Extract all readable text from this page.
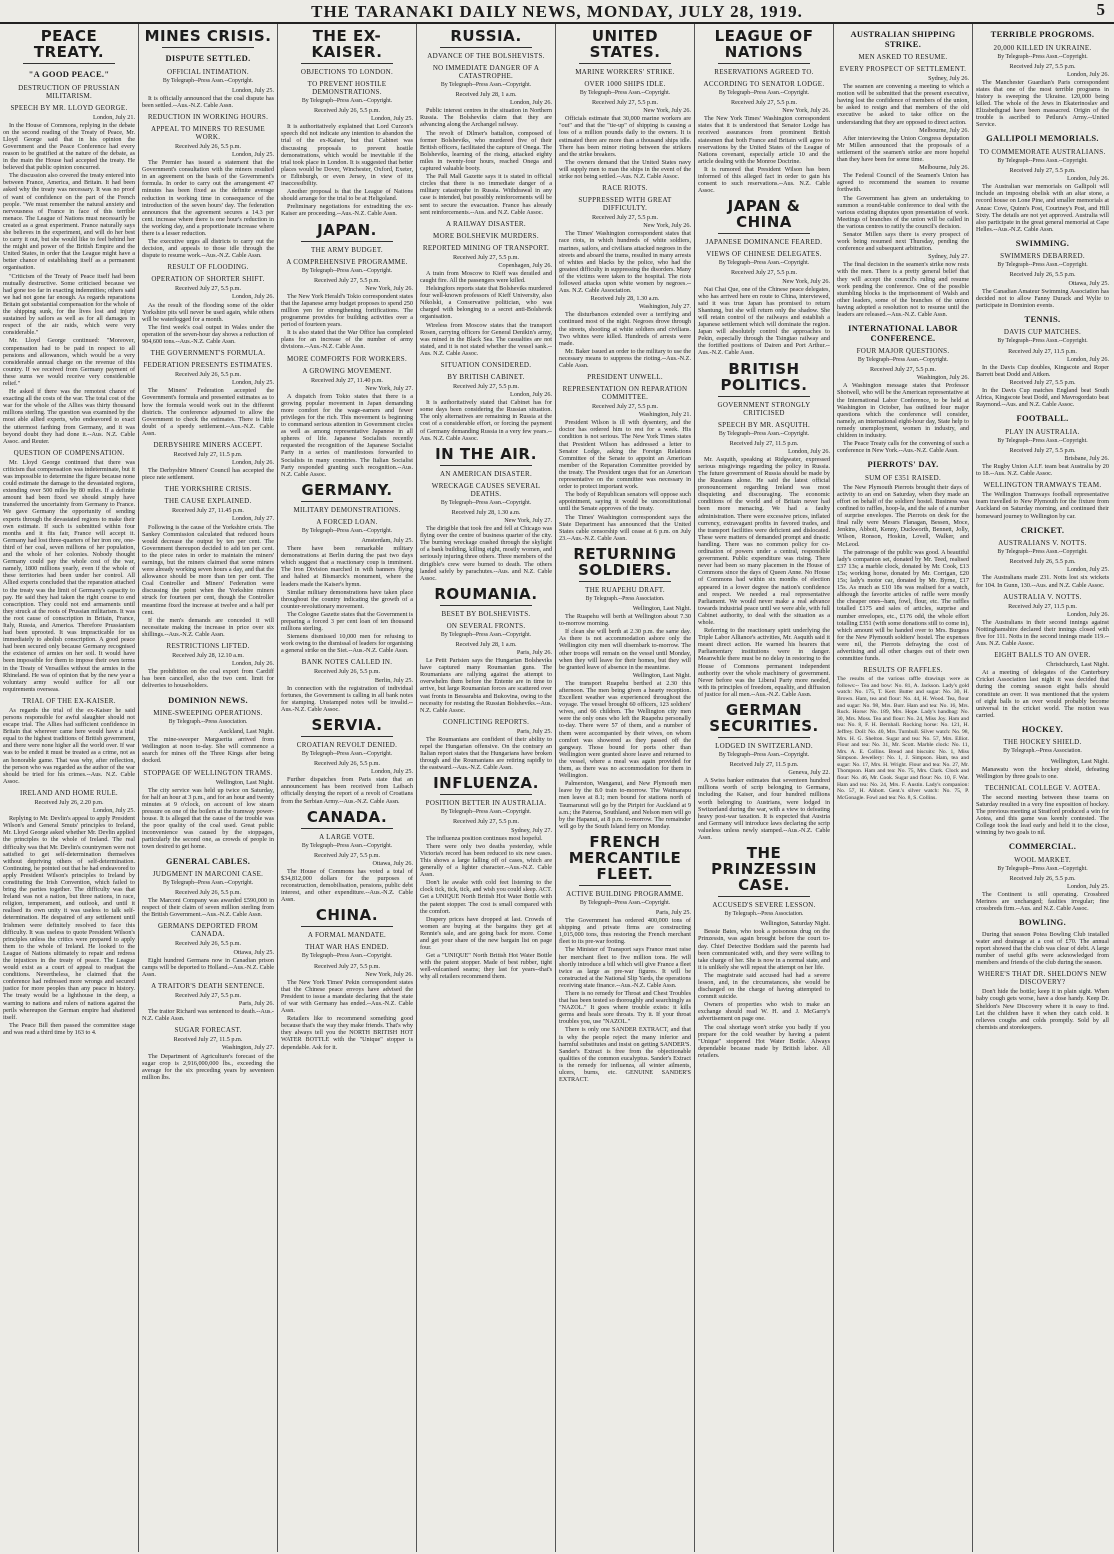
THE TARANAKI DAILY NEWS, MONDAY, JULY 28, 1919.	5
PEACE TREATY.
"A GOOD PEACE."
DESTRUCTION OF PRUSSIAN MILITARISM.
SPEECH BY MR. LLOYD GEORGE.
London, July 21.

In the House of Commons, replying in the debate on the second reading of the Treaty of Peace, Mr. Lloyd George said that in his opinion the Government and the Peace Conference had every reason to be gratified at the nature of the debate, as in the main the House had accepted the treaty. He believed that public opinion concurred.

The discussion also covered the treaty entered into between France, America, and Britain. It had been asked why the treaty was necessary. It was no proof of want of confidence on the part of the French people. "We must remember the natural anxiety and nervousness of France in face of this terrible menace. The League of Nations must necessarily be created as a great experiment. France naturally says she believes in the experiment, and will do her best to carry it out, but she would like to feel behind her the might and power of the British Empire and the United States, in order that the League might have a better chance of establishing itself as a permanent organisation.

"Criticism of the Treaty of Peace itself had been mutually destructive. Some criticised because we had gone too far in exacting indemnities; others said we had not gone far enough. As regards reparations Britain got substantial compensation for the whole of the shipping sunk, for the lives lost and injury sustained by sailors as well as for all damages in respect of the air raids, which were very considerable."

Mr. Lloyd George continued: "Moreover, compensation had to be paid in respect to all pensions and allowances, which would be a very considerable annual charge on the revenue of this country. If we received from Germany payment of these sums we would receive very considerable relief."

He asked if there was the remotest chance of exacting all the costs of the war. The total cost of the war for the whole of the Allies was thirty thousand millions sterling. The question was examined by the most able allied experts, who endeavored to exact the uttermost farthing from Germany, and it was beyond doubt they had done it.--Aus. N.Z. Cable Assoc. and Reuter.

QUESTION OF COMPENSATION.

Mr. Lloyd George continued that there was criticism that compensation was indeterminate, but it was impossible to determine the figure because none could estimate the damage to the devastated regions, extending over 500 miles by 80 miles. If a definite amount had been fixed we should simply have transferred the uncertainty from Germany to France. We gave Germany the opportunity of sending experts through the devastated regions to make their own estimate. If such is submitted within four months and it fits fair, France will accept it. Germany had lost three-quarters of her iron ore, one-third of her coal, seven millions of her population, and the whole of her colonies. Nobody thought Germany could pay the whole cost of the war, namely, 1800 millions yearly, even if the whole of these territories had been under her control. All Allied experts concluded that the reparation attached to the treaty was the limit of Germany's capacity to pay. He said they had taken the right course to end conscription. They could not end armaments until they struck at the roots of Prussian militarism. It was the root cause of conscription in Britain, France, Italy, Russia, and America. Therefore Prussianism had been uprooted. It was impracticable for us immediately to abolish conscription. A good peace had been secured only because Germany recognised the existence of armies on her soil. It would have been impossible for them to impose their own terms in the Treaty of Versailles without the armies in the Rhineland. He was of opinion that by the new year a voluntary army would suffice for all our requirements overseas.

TRIAL OF THE EX-KAISER.

As regards the trial of the ex-Kaiser he said persons responsible for awful slaughter should not escape trial. The Allies had sufficient confidence in Britain that wherever came here would have a trial equal to the highest traditions of British government, and there were none higher all the world over. If war was to be ended it must be treated as a crime, not as an honorable game. That was why, after reflection, the person who was regarded as the author of the war should be tried for his crimes.--Aus. N.Z. Cable Assoc.

IRELAND AND HOME RULE.
Received July 26, 2.20 p.m.
London, July 25.

Replying to Mr. Devlin's appeal to apply President Wilson's and General Smuts' principles to Ireland, Mr. Lloyd George asked whether Mr. Devlin applied the principles to the whole of Ireland. The real difficulty was that Mr. Devlin's countrymen were not satisfied to get self-determination themselves without depriving others of self-determination. Continuing, he pointed out that he had endeavored to apply President Wilson's principles to Ireland by constituting the Irish Convention, which failed to bring the parties together. The difficulty was that Ireland was not a nation, but three nations, in race, religion, temperament, and outlook, and until it realised its own unity it was useless to talk self-determination. He despaired of any settlement until Irishmen were definitely resolved to face this difficulty. It was useless to quote President Wilson's principles unless the critics were prepared to apply them to the whole of Ireland. He looked to the League of Nations ultimately to repair and redress the injustices in the treaty of peace. The League would exist as a court of appeal to readjust the conditions. Nevertheless, he claimed that the conference had redressed more wrongs and secured justice for more peoples than any peace in history. The treaty would be a lighthouse in the deep, a warning to nations and rulers of nations against the perils whereupon the German empire had shattered itself.

The Peace Bill then passed the committee stage and was read a third time by 163 to 4.

MINES CRISIS.
DISPUTE SETTLED.
OFFICIAL INTIMATION.
By Telegraph--Press Assn.--Copyright.
London, July 25.

It is officially announced that the coal dispute has been settled.--Aus.-N.Z. Cable Assn.

REDUCTION IN WORKING HOURS.
APPEAL TO MINERS TO RESUME WORK.
Received July 26, 5.5 p.m.
London, July 25.

The Premier has issued a statement that the Government's consultation with the miners resulted in an agreement on the basis of the Government's formula. In order to carry out the arrangement 47 minutes has been fixed as the definite average reduction in working time in consequence of the introduction of the seven hours' day. The federation announces that the agreement secures a 14.3 per cent. increase where there is one hour's reduction in the working day, and a proportionate increase where there is a lesser reduction.

The executive urges all districts to carry out the decision, and appeals to those idle through the dispute to resume work.--Aus.-N.Z. Cable Assn.

RESULT OF FLOODING.
OPERATION OF SHORTER SHIFT.
Received July 27, 5.5 p.m.
London, July 26.

As the result of the flooding some of the older Yorkshire pits will never be used again, while others will be waterlogged for a month.

The first week's coal output in Wales under the operation of the seven-hour day shows a reduction of 904,600 tons.--Aus.-N.Z. Cable Assn.

THE GOVERNMENT'S FORMULA.
FEDERATION PRESENTS ESTIMATES.
Received July 26, 5.5 p.m.
London, July 25.

The Miners' Federation accepted the Government's formula and presented estimates as to how the formula would work out in the different districts. The conference adjourned to allow the Government to check the estimates. There is little doubt of a speedy settlement.--Aus.-N.Z. Cable Assn.

DERBYSHIRE MINERS ACCEPT.
Received July 27, 11.5 p.m.
London, July 26.

The Derbyshire Miners' Council has accepted the piece rate settlement.

THE YORKSHIRE CRISIS.
THE CAUSE EXPLAINED.
Received July 27, 11.45 p.m.
London, July 27.

Following is the cause of the Yorkshire crisis. The Sankey Commission calculated that reduced hours would decrease the output by ten per cent. The Government thereupon decided to add ten per cent. to the piece rates in order to maintain the miners' earnings, but the miners claimed that some miners were already working seven hours a day, and that the allowance should be more than ten per cent. The Coal Controller and Miners' Federation were discussing the point when the Yorkshire miners struck for fourteen per cent, though the Controller meantime fixed the increase at twelve and a half per cent.

If the men's demands are conceded it will necessitate making the increase in price over six shillings.--Aus.-N.Z. Cable Assn.

RESTRICTIONS LIFTED.
Received July 28, 12.10 a.m.
London, July 26.

The prohibition on the coal export from Cardiff has been cancelled, also the two cent. limit for deliveries to householders.

DOMINION NEWS.
MINE-SWEEPING OPERATIONS.
By Telegraph.--Press Association.
Auckland, Last Night.

The mine-sweeper Marguerita arrived from Wellington at noon to-day. She will commence a search for mines off the Three Kings after being docked.

STOPPAGE OF WELLINGTON TRAMS.
Wellington, Last Night.

The city service was held up twice on Saturday, for half an hour at 3 p.m., and for an hour and twenty minutes at 9 o'clock, on account of low steam pressure on one of the boilers at the tramway power-house. It is alleged that the cause of the trouble was the poor quality of the coal used. Great public inconvenience was caused by the stoppages, particularly the second one, as crowds of people in town desired to get home.

GENERAL CABLES.
JUDGMENT IN MARCONI CASE.
By Telegraph--Press Assn.--Copyright.
Received July 26, 5.5 p.m.

The Marconi Company was awarded £590,000 in respect of their claim of seven million sterling from the British Government.--Aus.-N.Z. Cable Assn.

GERMANS DEPORTED FROM CANADA.
Received July 26, 5.5 p.m.
Ottawa, July 25.

Eight hundred Germans now in Canadian prison camps will be deported to Holland.--Aus.-N.Z. Cable Assn.

A TRAITOR'S DEATH SENTENCE.
Received July 27, 5.5 p.m.
Paris, July 26.

The traitor Richard was sentenced to death.--Aus.-N.Z. Cable Assn.

SUGAR FORECAST.
Received July 27, 11.5 p.m.
Washington, July 27.

The Department of Agriculture's forecast of the sugar crop is 2,916,000,000 lbs., exceeding the average for the six preceding years by seventeen million lbs.

THE EX-KAISER.
OBJECTIONS TO LONDON.
TO PREVENT HOSTILE DEMONSTRATIONS.
By Telegraph--Press Assn.--Copyright.
Received July 26, 5.5 p.m.
London, July 25.

It is authoritatively explained that Lord Curzon's speech did not indicate any intention to abandon the trial of the ex-Kaiser, but that Cabinet was discussing proposals to prevent hostile demonstrations, which would be inevitable if the trial took place in London. It is suggested that better places would be Dover, Winchester, Oxford, Exeter, or Edinburgh, or even Jersey, in view of its inaccessibility.

Another proposal is that the League of Nations should arrange for the trial to be at Heligoland.

Preliminary negotiations for extraditing the ex-Kaiser are proceeding.--Aus.-N.Z. Cable Assn.

JAPAN.
THE ARMY BUDGET.
A COMPREHENSIVE PROGRAMME.
By Telegraph--Press Assn.--Copyright.
Received July 27, 5.5 p.m.
New York, July 26.

The New York Herald's Tokio correspondent states that the Japanese army budget proposes to spend 250 million yen for strengthening fortifications. The programme provides for building activities over a period of fourteen years.

It is also stated that the War Office has completed plans for an increase of the number of army divisions.--Aus.-N.Z. Cable Assn.

MORE COMFORTS FOR WORKERS.
A GROWING MOVEMENT.
Received July 27, 11.40 p.m.
New York, July 27.

A dispatch from Tokio states that there is a growing popular movement in Japan demanding more comfort for the wage-earners and fewer privileges for the rich. This movement is beginning to command serious attention in Government circles as well as among representative Japanese in all spheres of life. Japanese Socialists recently requested the recognition of the Japanese Socialist Party in a series of manifestoes forwarded to Socialists in many countries. The Italian Socialist Party responded granting such recognition.--Aus. N.Z. Cable Assoc.

GERMANY.
MILITARY DEMONSTRATIONS.
A FORCED LOAN.
By Telegraph--Press Assn.--Copyright.
Amsterdam, July 25.

There have been remarkable military demonstrations at Berlin during the past two days which suggest that a reactionary coup is imminent. The Iron Division marched in with banners flying and halted at Bismarck's monument, where the leaders made the Kaiser's hymn.

Similar military demonstrations have taken place throughout the country indicating the growth of a counter-revolutionary movement.

The Cologne Gazette states that the Government is preparing a forced 3 per cent loan of ten thousand millions sterling.

Siemens dismissed 10,000 men for refusing to work owing to the dismissal of leaders for organising a general strike on the Siet.--Aus.-N.Z. Cable Assn.

BANK NOTES CALLED IN.
Received July 26, 5.5 p.m.
Berlin, July 25.

In connection with the registration of individual fortunes, the Government is calling in all bank notes for stamping. Unstamped notes will be invalid.--Aus.-N.Z. Cable Assoc.

SERVIA.
CROATIAN REVOLT DENIED.
By Telegraph--Press Assn.--Copyright.
Received July 26, 5.5 p.m.
London, July 25.

Further dispatches from Paris state that an announcement has been received from Laibach officially denying the report of a revolt of Croatians from the Serbian Army.--Aus.-N.Z. Cable Assn.

CANADA.
A LARGE VOTE.
By Telegraph--Press Assn.--Copyright.
Received July 27, 5.5 p.m.
Ottawa, July 26.

The House of Commons has voted a total of $34,812,000 dollars for the purposes of reconstruction, demobilisation, pensions, public debt interest, and other expenditure.--Aus.-N.Z. Cable Assn.

CHINA.
A FORMAL MANDATE.
THAT WAR HAS ENDED.
By Telegraph--Press Assn.--Copyright.
Received July 27, 5.5 p.m.
New York, July 26.

The New York Times' Pekin correspondent states that the Chinese peace envoys have advised the President to issue a mandate declaring that the state of war with Germany has ended.--Aus.-N.Z. Cable Assn.

Retailers like to recommend something good because that's the way they make friends. That's why they always tell you the NORTH BRITISH HOT WATER BOTTLE with the "Unique" stopper is dependable. Ask for it.

RUSSIA.
ADVANCE OF THE BOLSHEVISTS.
NO IMMEDIATE DANGER OF A CATASTROPHE.
By Telegraph--Press Assn.--Copyright.
Received July 28, 1 a.m.
London, July 26.

Public interest centres in the situation in Northern Russia. The Bolsheviks claim that they are advancing along the Archangel railway.

The revolt of Dilmer's battalion, composed of former Bolsheviks, who murdered five of their British officers, facilitated the capture of Onega. The Bolsheviks, learning of the rising, attacked eighty miles in twenty-four hours, reached Onega and captured valuable booty.

The Pall Mall Gazette says it is stated in official circles that there is no immediate danger of a military catastrophe in Russia. Withdrawal in any case is intended, but possibly reinforcements will be sent to secure the evacuation. France has already sent reinforcements.--Aus. and N.Z. Cable Assoc.

A RAILWAY DISASTER.
MORE BOLSHEVIK MURDERS.
REPORTED MINING OF TRANSPORT.
Received July 27, 5.5 p.m.
Copenhagen, July 26.

A train from Moscow to Kieff was derailed and caught fire. All the passengers were killed.

Helsingfors reports state that Bolsheviks murdered four well-known professors of Kieff University, also Nikolski, a Conservative politician, who was charged with belonging to a secret anti-Bolshevik organisation.

Wireless from Moscow states that the transport Rosen, carrying officers for General Denikin's army, was mined in the Black Sea. The casualties are not stated, and it is not stated whether the vessel sank.--Aus. N.Z. Cable Assoc.

SITUATION CONSIDERED.
BY BRITISH CABINET.
Received July 27, 5.5 p.m.
London, July 26.

It is authoritatively stated that Cabinet has for some days been considering the Russian situation. The only alternatives are remaining in Russia at the cost of a considerable effort, or forcing the payment of Germany demanding Russia in a very few years.--Aus. N.Z. Cable Assoc.

IN THE AIR.
AN AMERICAN DISASTER.
WRECKAGE CAUSES SEVERAL DEATHS.
By Telegraph--Press Assn.--Copyright.
Received July 28, 1.30 a.m.
New York, July 27.

The dirigible that took fire and fell at Chicago was flying over the centre of business quarter of the city. The burning wreckage crashed through the skylight of a bank building, killing eight, mostly women, and seriously injuring three others. Three members of the dirigible's crew were burned to death. The others landed safely by parachutes.--Aus. and N.Z. Cable Assoc.

ROUMANIA.
BESET BY BOLSHEVISTS.
ON SEVERAL FRONTS.
By Telegraph--Press Assn.--Copyright.
Received July 28, 1 a.m.
Paris, July 26.

Le Petit Parisien says the Hungarian Bolsheviks have captured many Roumanian guns. The Roumanians are rallying against the attempt to overwhelm them before the Entente are in time to arrive, but large Roumanian forces are scattered over vast fronts in Bessarabia and Bukovina, owing to the necessity for resisting the Russian Bolsheviks.--Aus. N.Z. Cable Assoc.

CONFLICTING REPORTS.
Paris, July 25.

The Roumanians are confident of their ability to repel the Hungarian offensive. On the contrary an Italian report states that the Hungarians have broken through and the Roumanians are retiring rapidly to the eastward.--Aus.-N.Z. Cable Assn.

INFLUENZA.
POSITION BETTER IN AUSTRALIA.
By Telegraph--Press Assn.--Copyright.
Received July 27, 5.5 p.m.
Sydney, July 27.

The influenza position continues most hopeful.

There were only two deaths yesterday, while Victoria's record has been reduced to six new cases. This shows a large falling off of cases, which are generally of a lighter character.--Aus.-N.Z. Cable Assn.

Don't lie awake with cold feet listening to the clock tick, tick, tick, and wish you could sleep. ACT. Get a UNIQUE North British Hot Water Bottle with the patent stopper. The cost is small compared with the comfort.

Drapery prices have dropped at last. Crowds of women are buying at the bargains they get at Rennie's sale, and are going back for more. Come and get your share of the new bargain list on page four.

Get a "UNIQUE" North British Hot Water Bottle with the patent stopper. Made of best rubber, tight well-vulcanised seams; they last for years--that's why all retailers recommend them.

UNITED STATES.
MARINE WORKERS' STRIKE.
OVER 1000 SHIPS IDLE.
By Telegraph--Press Assn.--Copyright.
Received July 27, 5.5 p.m.
New York, July 26.

Officials estimate that 30,000 marine workers are "out" and that the "tie-up" of shipping is causing a loss of a million pounds daily to the owners. It is estimated there are more than a thousand ships idle. There has been minor rioting between the strikers and the strike breakers.

The owners demand that the United States navy will supply men to man the ships in the event of the strike not being settled.--Aus. N.Z. Cable Assoc.

RACE RIOTS.
SUPPRESSED WITH GREAT DIFFICULTY.
Received July 27, 5.5 p.m.
New York, July 26.

The Times' Washington correspondent states that race riots, in which hundreds of white soldiers, marines, sailors, and civilians attacked negroes in the streets and aboard the trams, resulted in many arrests of whites and blacks by the police, who had the greatest difficulty in suppressing the disorders. Many of the victims were taken to the hospital. The riots followed attacks upon white women by negroes.--Aus. N.Z. Cable Association.

Received July 28, 1.30 a.m.
Washington, July 27.

The disturbances extended over a terrifying and continued most of the night. Negroes drove through the streets, shooting at white soldiers and civilians. Two whites were killed. Hundreds of arrests were made.

Mr. Baker issued an order to the military to use the necessary means to suppress the rioting.--Aus.-N.Z. Cable Assn.

PRESIDENT UNWELL.
REPRESENTATION ON REPARATION COMMITTEE.
Received July 27, 5.5 p.m.
Washington, July 21.

President Wilson is ill with dysentery, and the doctor has ordered him to rest for a week. His condition is not serious. The New York Times states that President Wilson has addressed a letter to Senator Lodge, asking the Foreign Relations Committee of the Senate to appoint an American member of the Reparation Committee provided by the treaty. The President urges that for an American representative on the committee was necessary in order to protect important work.

The body of Republican senators will oppose such appointment, saying it would be unconstitutional until the Senate approves of the treaty.

The Times' Washington correspondent says the State Department has announced that the United States cable censorship will cease at 6 p.m. on July 23.--Aus.-N.Z. Cable Assn.

RETURNING SOLDIERS.
THE RUAPEHU DRAFT.
By Telegraph.--Press Association.
Wellington, Last Night.

The Ruapehu will berth at Wellington about 7.30 to-morrow morning.

If clean she will berth at 2.30 p.m. the same day. As there is not accommodation ashore only the Wellington city men will disembark to-morrow. The other troops will remain on the vessel until Monday, when they will leave for their homes, but they will be granted leave of absence in the meantime.

Wellington, Last Night.

The transport Ruapehu berthed at 2.30 this afternoon. The men being given a hearty reception. Excellent weather was experienced throughout the voyage. The vessel brought 60 officers, 123 soldiers' wives, and 66 children. The Wellington city men were the only ones who left the Ruapehu personally to-day. There were 57 of them, and a number of them were accompanied by their wives, on whom comfort was showered as they passed off the gangway. Those bound for ports other than Wellington were granted shore leave and returned to the vessel, where a meal was again provided for them, as there was no accommodation for them in Wellington.

Palmerston, Wanganui, and New Plymouth men leave by the 8.0 train to-morrow. The Waimarapu men leave at 8.1; men bound for stations north of Taumarunui will go by the Piripiri for Auckland at 9 a.m.; the Pateroa, Southland, and Nelson men will go by the Hapanui, at 8 p.m. to-morrow. The remainder will go by the South Island ferry on Monday.

FRENCH MERCANTILE FLEET.
ACTIVE BUILDING PROGRAMME.
By Telegraph--Press Assn.--Copyright.
Paris, July 25.

The Government has ordered 400,000 tons of shipping and private firms are constructing 1,015,000 tons, thus restoring the French merchant fleet to its pre-war footing.

The Minister of Transport says France must raise her merchant fleet to five million tons. He will shortly introduce a bill which will give France a fleet twice as large as pre-war figures. It will be constructed at the National Slip Yards, the operations receiving state finance.--Aus.-N.Z. Cable Assn.

There is no remedy for Throat and Chest Troubles that has been tested so thoroughly and searchingly as "NAZOL." It goes where trouble exists: it kills germs and heals sore throats. Try it. If your throat troubles you, use "NAZOL."

There is only one SANDER EXTRACT, and that is why the people reject the many inferior and harmful substitutes and insist on getting SANDER'S. Sander's Extract is free from the objectionable qualities of the common eucalyptus. Sander's Extract is the remedy for influenza, all winter ailments, ulcers, burns, etc. GENUINE SANDER'S EXTRACT.

LEAGUE OF NATIONS
RESERVATIONS AGREED TO.
ACCORDING TO SENATOR LODGE.
By Telegraph--Press Assn.--Copyright.
Received July 27, 5.5 p.m.
New York, July 26.

The New York Times' Washington correspondent states that it is understood that Senator Lodge has received assurances from prominent British statesmen that both France and Britain will agree to reservations by the United States of the League of Nations covenant, especially article 10 and the article dealing with the Monroe Doctrine.

It is rumored that President Wilson has been informed of this alleged fact in order to gain his consent to such reservations.--Aus. N.Z. Cable Assoc.

JAPAN & CHINA
JAPANESE DOMINANCE FEARED.
VIEWS OF CHINESE DELEGATES.
By Telegraph--Press Assn.--Copyright.
Received July 27, 5.5 p.m.
New York, July 26.

Nai Chai Que, one of the Chinese peace delegates, who has arrived here en route to China, interviewed, said it was true Japan has promised to return Shantung, but she will return only the shadow. She will retain control of the railways and establish a Japanese settlement which will dominate the region. Japan will absolutely control the approaches to Pekin, especially through the Tsingtao railway and the fortified positions of Dairen and Port Arthur.--Aus.-N.Z. Cable Assn.

BRITISH POLITICS.
GOVERNMENT STRONGLY CRITICISED
SPEECH BY MR. ASQUITH.
By Telegraph--Press Assn.--Copyright.
Received July 27, 11.5 p.m.
London, July 26.

Mr. Asquith, speaking at Ridgwater, expressed serious misgivings regarding the policy in Russia. The future government of Russia should be made by the Russians alone. He said the latest official pronouncement regarding Ireland was most disquieting and discouraging. The economic conditions of the world and of Britain never had been more menacing. We had a faulty administration. There were excessive prices, inflated currency, extravagant profits in favored trades, and the transport facilities were deficient and dislocated. These were matters of demanded prompt and drastic handling. There was no common policy for co-ordination of powers under a central, responsible government. Public expenditure was rising. There never had been so many placemen in the House of Commons since the days of Queen Anne. No House of Commons had within six months of election appeared in a lower degree the nation's confidence and respect. We needed a real representative Parliament. We would never make a real advance towards industrial peace until we were able, with full Cabinet authority, to deal with the situation as a whole.

Referring to the reactionary spirit underlying the Triple Labor Alliance's activities, Mr. Asquith said it meant direct action. He warned his hearers that Parliamentary institutions were in danger. Meanwhile there must be no delay in restoring to the House of Commons permanent independent authority over the whole machinery of government. Never before was the Liberal Party more needed, with its principles of freedom, equality, and diffusion of justice for all men.--Aus.-N.Z. Cable Assn.

GERMAN SECURITIES.
LODGED IN SWITZERLAND.
By Telegraph--Press Assn.--Copyright.
Received July 27, 11.5 p.m.
Geneva, July 22.

A Swiss banker estimates that seventeen hundred millions worth of scrip belonging to Germans, including the Kaiser, and four hundred millions worth belonging to Austrians, were lodged in Switzerland during the war, with a view to defeating heavy post-war taxation. It is expected that Austria and Germany will introduce laws declaring the scrip valueless unless newly stamped.--Aus.-N.Z. Cable Assn.

THE PRINZESSIN CASE.
ACCUSED'S SEVERE LESSON.
By Telegraph.--Press Association.
Wellington, Saturday Night.

Bessie Bates, who took a poisonous drug on the Prinzessin, was again brought before the court to-day. Chief Detective Boddam said the parents had been communicated with, and they were willing to take charge of her. She is now in a normal state, and it is unlikely she will repeat the attempt on her life.

The magistrate said accused had had a severe lesson, and, in the circumstances, she would be discharged on the charge of having attempted to commit suicide.

Owners of properties who wish to make an exchange should read W. H. and J. McGarry's advertisement on page one.

The coal shortage won't strike you badly if you prepare for the cold weather by having a patent "Unique" stoppered Hot Water Bottle. Always dependable because made by British labor. All retailers.

AUSTRALIAN SHIPPING STRIKE.
MEN ASKED TO RESUME.
EVERY PROSPECT OF SETTLEMENT.
Sydney, July 26.

The seamen are convening a meeting to which a motion will be submitted that the present executive, having lost the confidence of members of the union, be asked to resign and that members of the old executive be asked to take office on the understanding that they are opposed to direct action.

Melbourne, July 26.

After interviewing the Union Congress deputation Mr Millen announced that the proposals of a settlement of the seamen's strike are more hopeful than they have been for some time.

Melbourne, July 26.

The Federal Council of the Seamen's Union has agreed to recommend the seamen to resume forthwith.

The Government has given an undertaking to summon a round-table conference to deal with the various existing disputes upon presentation of work. Meetings of branches of the union will be called in the various centres to ratify the council's decision.

Senator Millen says there is every prospect of work being resumed next Thursday, pending the conference and subsequent arbitration.

Sydney, July 27.

The final decision in the seamen's strike now rests with the men. There is a pretty general belief that they will accept the council's ruling and resume work pending the conference. One of the possible stumbling blocks is the imprisonment of Walsh and other leaders, some of the branches of the union having adopted a resolution not to resume until the leaders are released.--Aus.-N.Z. Cable Assn.

INTERNATIONAL LABOR CONFERENCE.
FOUR MAJOR QUESTIONS.
By Telegraph--Press Assn.--Copyright.
Received July 27, 5.5 p.m.
Washington, July 26.

A Washington message states that Professor Shotwell, who will be the American representative at the International Labor Conference, to be held at Washington in October, has outlined four major questions which the conference will consider, namely, an international eight-hour day, State help to remedy unemployment, women in industry, and children in industry.

The Peace Treaty calls for the convening of such a conference in New York.--Aus.-N.Z. Cable Assn.

PIERROTS' DAY.
SUM OF £351 RAISED.

The New Plymouth Pierrots brought their days of activity to an end on Saturday, when they made an effort on behalf of the soldiers' hostel. Business was confined to raffles, hoop-la, and the sale of a number of surprise envelopes. The Pierrots on desk for the final rally were Messrs Flanagan, Bessen, Moce, Jenkins, Abbott, Kenny, Duckworth, Bennett, Jolly, Wilson, Ronson, Hoskin, Lovell, Walker, and McLeod.

The patronage of the public was good. A beautiful lady's companion set, donated by Mr. Teed, realised £37 13s; a marble clock, donated by Mr. Cook, £13 15s; working horse, donated by Mr. Corrigan, £20 15s; lady's motor car, donated by Mr. Byrne, £17 15s. As much as £10 18s was realised for a watch, although the favorite articles of raffle were mostly the cheaper ones--ham, fowl, flour, etc. The raffles totalled £175 and sales of articles, surprise and number envelopes, etc., £176 odd, the whole effort totalling £351 (with some donations still to come in), which amount will be handed over to Mrs. Burgess for the New Plymouth soldiers' hostel. The expenses were nil, the Pierrots defraying the cost of advertising and all other charges out of their own committee funds.

RESULTS OF RAFFLES.
The results of the various raffle drawings were as follows:-- Tea and bow: No. 81, A. Jackson. Lady's gold watch: No. 175, T. Kerr. Butter and sugar: No. 30, H. Brown. Ham, tea and flour: No. 44, H. Wood. Tea, flour and sugar: No. 98, Mrs. Burr. Ham and tea: No. 16, Mrs. Ruck. Horse: No. 189, Mrs. Hope. Lady's handbag: No. 30, Mrs. Moss. Tea and flour: No. 24, Miss Joy. Ham and tea: No. 8, F. H. Bernhall. Rocking horse: No. 121, H. Jeffrey. Doll: No. 40, Mrs. Turnbull. Silver watch: No. 98, Mrs. H. G. Shelton. Sugar and tea: No. 57, Mrs. Elliot. Flour and tea: No. 31, Mr. Scott. Marble clock: No. 11, Mrs. A. E. Collins. Bread and biscuits: No. 1, Miss Simpson. Jewellery: No. 1, J. Simpson. Ham, tea and sugar: No. 17, Mrs. H. Wright. Flour and tea: No. 27, Mr. Thompson. Ham and tea: No. 75, Mrs. Clark. Clock and flour: No. 46, Mr. Cook. Sugar and flour: No. 10, F. Wat. Ham and tea: No. 24, Mrs. F. Austin. Lady's companion: No. 57, H. Ahbott. Gent.'s silver watch: No. 75, P. McGonagle. Fowl and tea: No. 8, S. Collins.
TERRIBLE PROGROMS.
20,000 KILLED IN UKRAINE.
By Telegraph--Press Assn.--Copyright.
Received July 27, 5.5 p.m.
London, July 26.

The Manchester Guardian's Paris correspondent states that one of the most terrible programs in history is sweeping the Ukraine. 120,000 being killed. The whole of the Jews in Ekaterinoslav and Elizabethgrad have been massacred. Origin of the trouble is ascribed to Petlura's Army.--United Service.

GALLIPOLI MEMORIALS.
TO COMMEMORATE AUSTRALIANS.
By Telegraph--Press Assn.--Copyright.
Received July 27, 5.5 p.m.
London, July 26.

The Australian war memorials on Gallipoli will include an imposing obelisk with an altar stone, a record house on Lone Pine, and smaller memorials at Anzac Cove, Quinn's Post, Courtney's Post, and Hill Sixty. The details are not yet approved. Australia will also participate in the great general memorial at Cape Helles.--Aus.-N.Z. Cable Assn.

SWIMMING.
SWIMMERS DEBARRED.
By Telegraph--Press Assn.--Copyright.
Received July 26, 5.5 p.m.
Ottawa, July 25.

The Canadian Amateur Swimming Association has decided not to allow Fanny Durack and Wylie to participate in Dominion events.

TENNIS.
DAVIS CUP MATCHES.
By Telegraph--Press Assn.--Copyright.
Received July 27, 11.5 p.m.
London, July 26.

In the Davis Cup doubles, Kingscote and Roper Barrett beat Dodd and Aitken.

Received July 27, 5.5 p.m.

In the Davis Cup matches England beat South Africa, Kingscote beat Dodd, and Mavrogordato beat Raymond.--Aus. and N.Z. Cable Assoc.

FOOTBALL.
PLAY IN AUSTRALIA.
By Telegraph--Press Assn.--Copyright.
Received July 27, 5.5 p.m.
Brisbane, July 26.

The Rugby Union A.I.F. team beat Australia by 20 to 18.--Aus. N.Z. Cable Assoc.

WELLINGTON TRAMWAYS TEAM.

The Wellington Tramways football representative team travelled to New Plymouth for the fixture from Auckland on Saturday morning, and continued their homeward journey to Wellington by car.

CRICKET.
AUSTRALIANS V. NOTTS.
By Telegraph--Press Assn.--Copyright.
Received July 26, 5.5 p.m.
London, July 25.

The Australians made 231. Notts lost six wickets for 104. In Gunn, 130.--Aus. and N.Z. Cable Assoc.

AUSTRALIA V. NOTTS.
Received July 27, 11.5 p.m.
London, July 26.

The Australians in their second innings against Nottinghamshire declared their innings closed with five for 111. Notts in the second innings made 119.--Aus. N.Z. Cable Assoc.

EIGHT BALLS TO AN OVER.
Christchurch, Last Night.

At a meeting of delegates of the Canterbury Cricket Association last night it was decided that during the coming season eight balls should constitute an over. It was mentioned that the system of eight balls to an over would probably become universal in the cricket world. The motion was carried.

HOCKEY.
THE HOCKEY SHIELD.
By Telegraph.--Press Association.
Wellington, Last Night.

Manawatu won the hockey shield, defeating Wellington by three goals to one.

TECHNICAL COLLEGE V. AOTEA.

The second meeting between these teams on Saturday resulted in a very fine exposition of hockey. The previous meeting at Stratford produced a win for Aotea, and this game was keenly contested. The College took the lead early and held it to the close, winning by two goals to nil.

COMMERCIAL.
WOOL MARKET.
By Telegraph--Press Assn.--Copyright.
Received July 26, 5.5 p.m.
London, July 25.

The Continent is still operating. Crossbred Merinos are unchanged; faulties irregular; fine crossbreds firm.--Aus. and N.Z. Cable Assoc.

BOWLING.

During that season Potea Bowling Club installed water and drainage at a cost of £70. The annual report showed that the club was clear of debt. A large number of useful gifts were acknowledged from members and friends of the club during the season.

WHERE'S THAT DR. SHELDON'S NEW DISCOVERY?

Don't hide the bottle; keep it in plain sight. When baby cough gets worse, have a dose handy. Keep Dr. Sheldon's New Discovery where it is easy to find. Let the children have it when they catch cold. It relieves coughs and colds promptly. Sold by all chemists and storekeepers.
